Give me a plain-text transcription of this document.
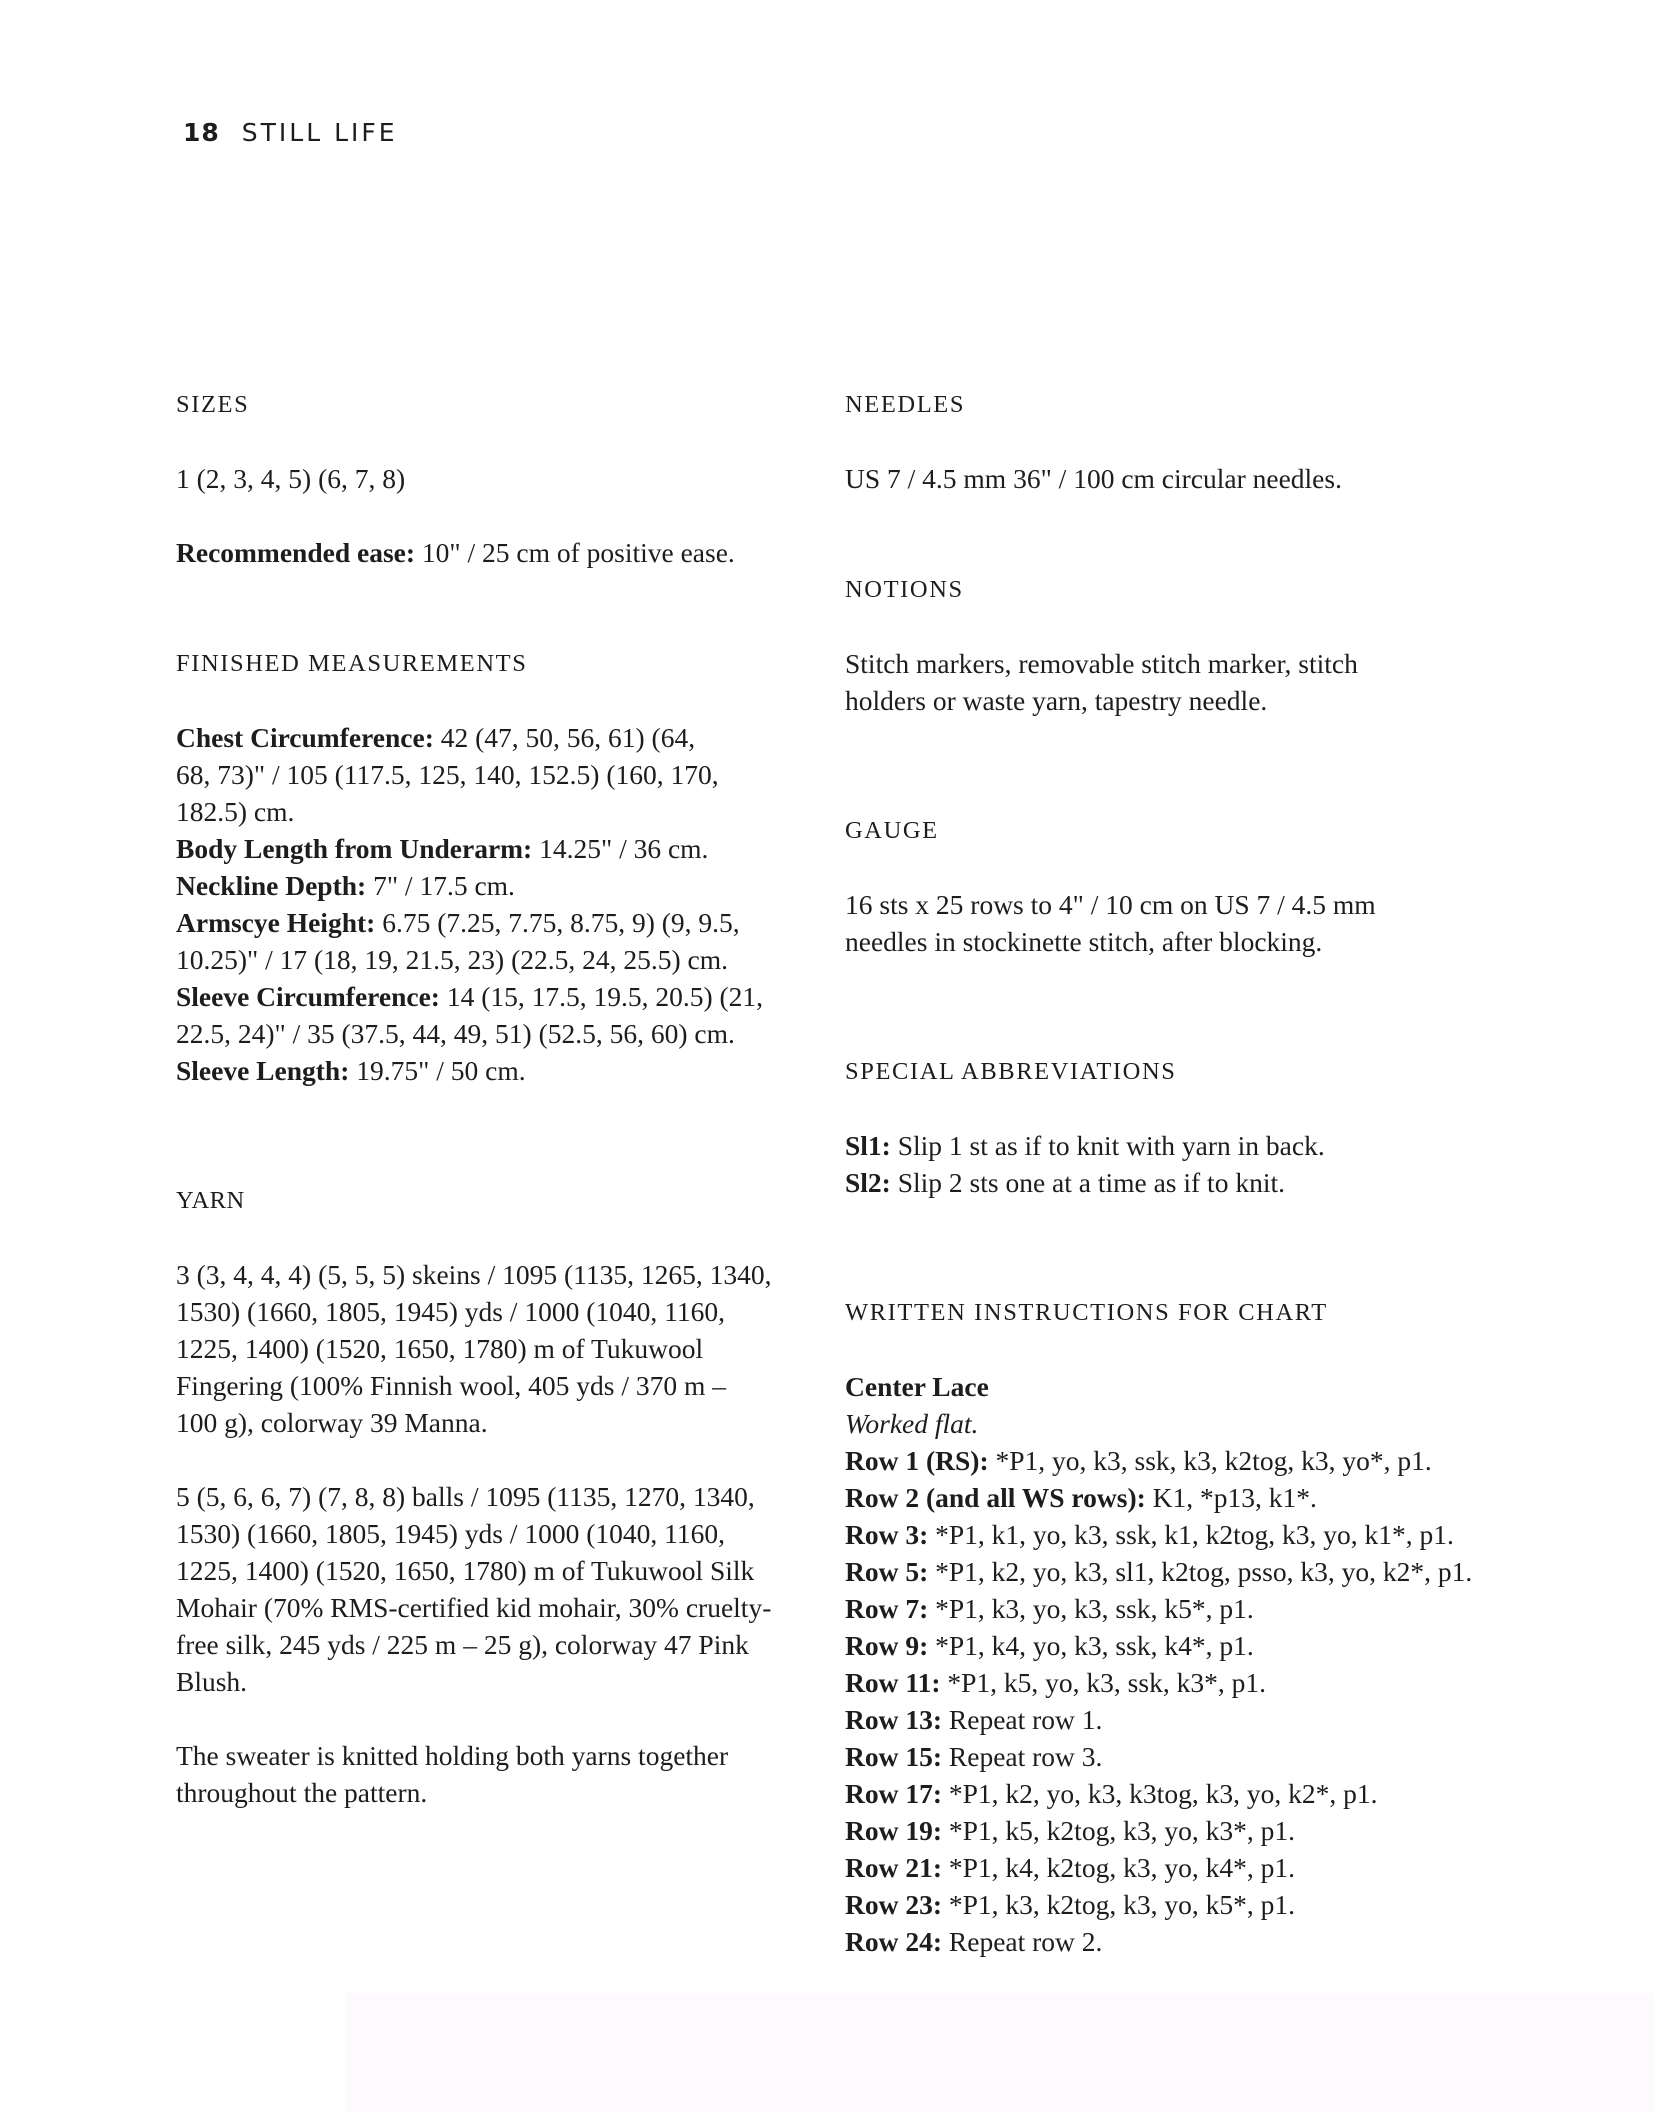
18 STILL LIFE
SIZES

1 (2, 3, 4, 5) (6, 7, 8)

Recommended ease: 10" / 25 cm of positive ease.

FINISHED MEASUREMENTS

Chest Circumference: 42 (47, 50, 56, 61) (64,
68, 73)" / 105 (117.5, 125, 140, 152.5) (160, 170,
182.5) cm.

Body Length from Underarm: 14.25" / 36 cm.

Neckline Depth: 7" / 17.5 cm.

Armscye Height: 6.75 (7.25, 7.75, 8.75, 9) (9, 9.5,
10.25)" / 17 (18, 19, 21.5, 23) (22.5, 24, 25.5) cm.

Sleeve Circumference: 14 (15, 17.5, 19.5, 20.5) (21,
22.5, 24)" / 35 (37.5, 44, 49, 51) (52.5, 56, 60) cm.

Sleeve Length: 19.75" / 50 cm.

YARN

3 (3, 4, 4, 4) (5, 5, 5) skeins / 1095 (1135, 1265, 1340,
1530) (1660, 1805, 1945) yds / 1000 (1040, 1160,
1225, 1400) (1520, 1650, 1780) m of Tukuwool
Fingering (100% Finnish wool, 405 yds / 370 m –
100 g), colorway 39 Manna.

5 (5, 6, 6, 7) (7, 8, 8) balls / 1095 (1135, 1270, 1340,
1530) (1660, 1805, 1945) yds / 1000 (1040, 1160,
1225, 1400) (1520, 1650, 1780) m of Tukuwool Silk
Mohair (70% RMS-certified kid mohair, 30% cruelty-
free silk, 245 yds / 225 m – 25 g), colorway 47 Pink
Blush.

The sweater is knitted holding both yarns together
throughout the pattern.

NEEDLES

US 7 / 4.5 mm 36" / 100 cm circular needles.

NOTIONS

Stitch markers, removable stitch marker, stitch
holders or waste yarn, tapestry needle.

GAUGE

16 sts x 25 rows to 4" / 10 cm on US 7 / 4.5 mm
needles in stockinette stitch, after blocking.

SPECIAL ABBREVIATIONS

Sl1: Slip 1 st as if to knit with yarn in back.

Sl2: Slip 2 sts one at a time as if to knit.

WRITTEN INSTRUCTIONS FOR CHART

Center Lace

Worked flat.

Row 1 (RS): *P1, yo, k3, ssk, k3, k2tog, k3, yo*, p1.

Row 2 (and all WS rows): K1, *p13, k1*.

Row 3: *P1, k1, yo, k3, ssk, k1, k2tog, k3, yo, k1*, p1.

Row 5: *P1, k2, yo, k3, sl1, k2tog, psso, k3, yo, k2*, p1.

Row 7: *P1, k3, yo, k3, ssk, k5*, p1.

Row 9: *P1, k4, yo, k3, ssk, k4*, p1.

Row 11: *P1, k5, yo, k3, ssk, k3*, p1.

Row 13: Repeat row 1.

Row 15: Repeat row 3.

Row 17: *P1, k2, yo, k3, k3tog, k3, yo, k2*, p1.

Row 19: *P1, k5, k2tog, k3, yo, k3*, p1.

Row 21: *P1, k4, k2tog, k3, yo, k4*, p1.

Row 23: *P1, k3, k2tog, k3, yo, k5*, p1.

Row 24: Repeat row 2.
